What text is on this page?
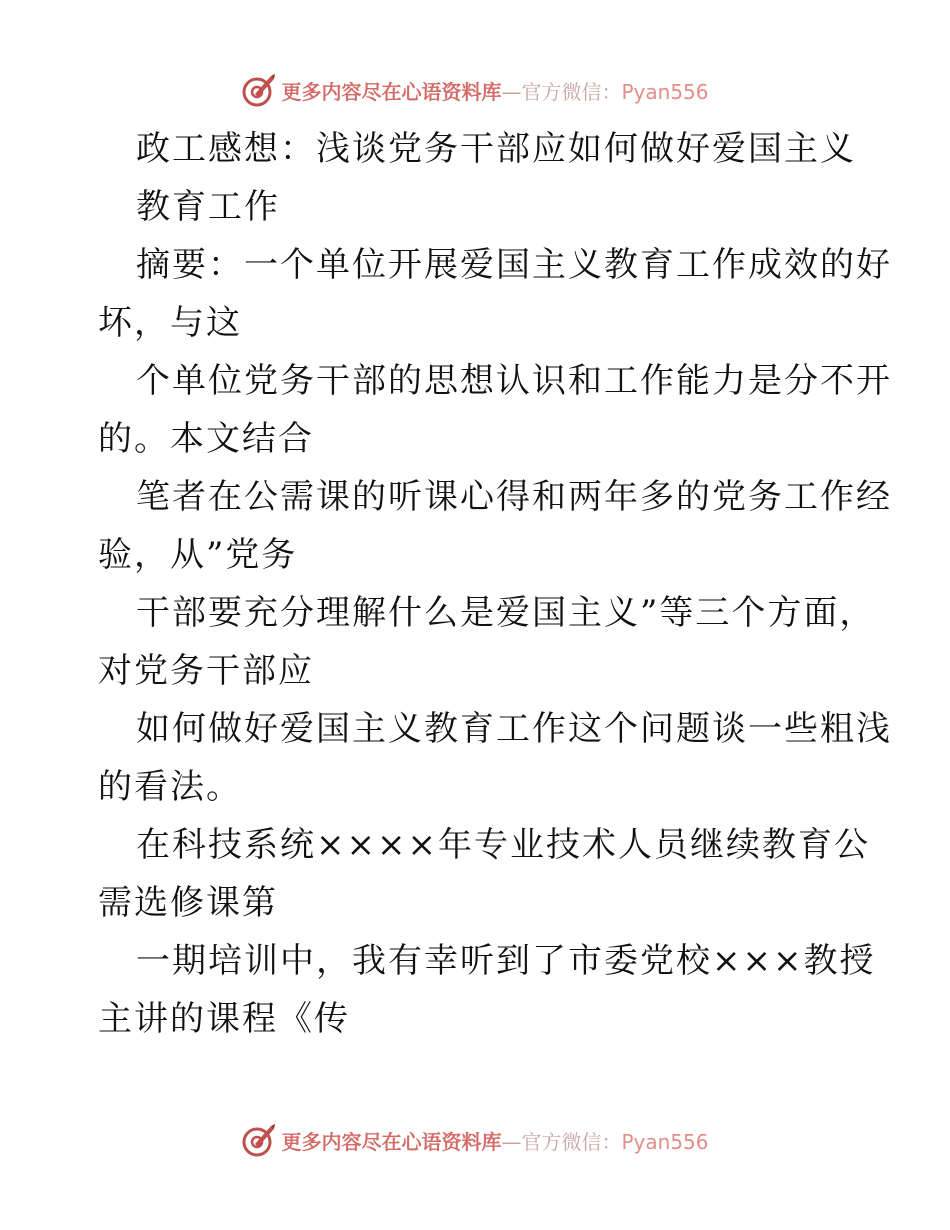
更多内容尽在心语资料库—官方微信：Pyan556
政工感想：浅谈党务干部应如何做好爱国主义
教育工作
摘要：一个单位开展爱国主义教育工作成效的好
坏，与这
个单位党务干部的思想认识和工作能力是分不开
的。本文结合
笔者在公需课的听课心得和两年多的党务工作经
验，从”党务
干部要充分理解什么是爱国主义”等三个方面，
对党务干部应
如何做好爱国主义教育工作这个问题谈一些粗浅
的看法。
在科技系统××××年专业技术人员继续教育公
需选修课第
一期培训中，我有幸听到了市委党校×××教授
主讲的课程《传
更多内容尽在心语资料库—官方微信：Pyan556
